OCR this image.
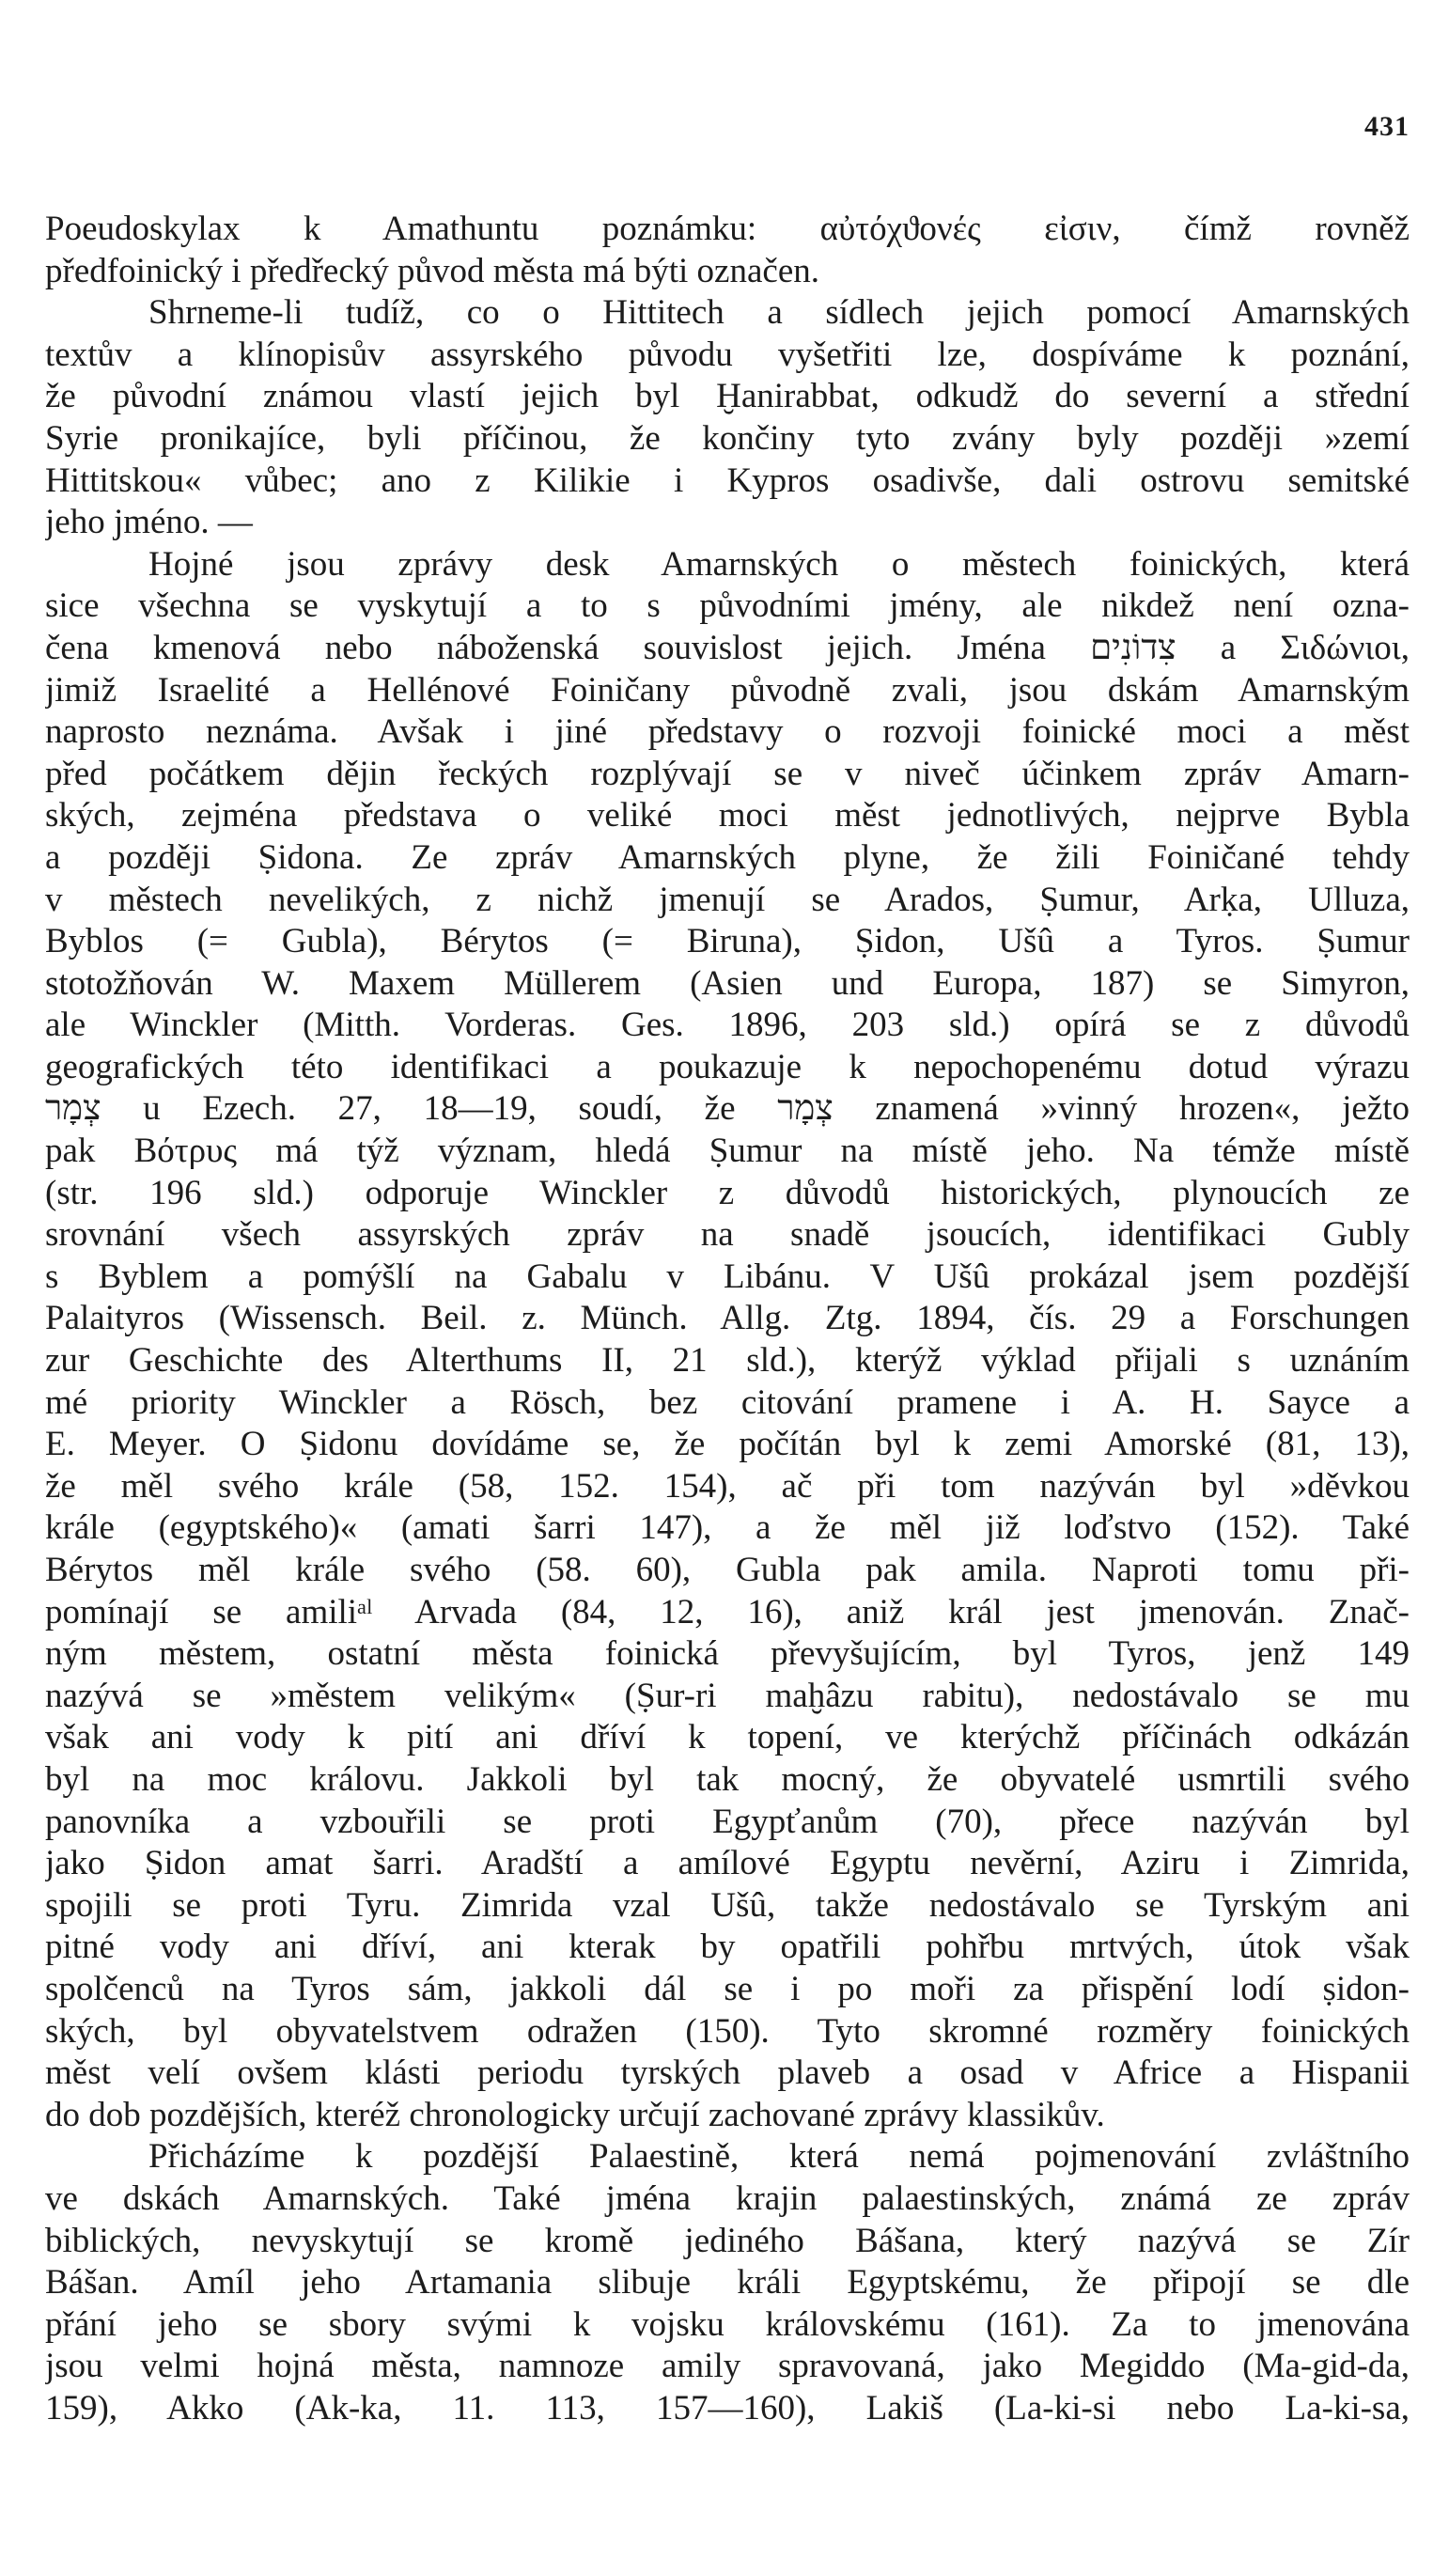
431
Poeudoskylax k Amathuntu poznámku: αὐτόχϑονές εἰσιν, čímž rovněž
předfoinický i předřecký původ města má býti označen.
Shrneme-li tudíž, co o Hittitech a sídlech jejich pomocí Amarnských
textův a klínopisův assyrského původu vyšetřiti lze, dospíváme k poznání,
že původní známou vlastí jejich byl Ḫanirabbat, odkudž do severní a střední
Syrie pronikajíce, byli příčinou, že končiny tyto zvány byly později »zemí
Hittitskou« vůbec; ano z Kilikie i Kypros osadivše, dali ostrovu semitské
jeho jméno. —
Hojné jsou zprávy desk Amarnských o městech foinických, která
sice všechna se vyskytují a to s původními jmény, ale nikdež není ozna-
čena kmenová nebo náboženská souvislost jejich. Jména צִדוֹנִים a Σιδώνιοι,
jimiž Israelité a Hellénové Foiničany původně zvali, jsou dskám Amarnským
naprosto neznáma. Avšak i jiné představy o rozvoji foinické moci a měst
před počátkem dějin řeckých rozplývají se v niveč účinkem zpráv Amarn-
ských, zejména představa o veliké moci měst jednotlivých, nejprve Bybla
a později Ṣidona. Ze zpráv Amarnských plyne, že žili Foiničané tehdy
v městech nevelikých, z nichž jmenují se Arados, Ṣumur, Arḳa, Ulluza,
Byblos (= Gubla), Bérytos (= Biruna), Ṣidon, Ušû a Tyros. Ṣumur
stotožňován W. Maxem Müllerem (Asien und Europa, 187) se Simyron,
ale Winckler (Mitth. Vorderas. Ges. 1896, 203 sld.) opírá se z důvodů
geografických této identifikaci a poukazuje k nepochopenému dotud výrazu
צְמָר u Ezech. 27, 18—19, soudí, že צְמָר znamená »vinný hrozen«, ježto
pak Βότρυς má týž význam, hledá Ṣumur na místě jeho. Na témže místě
(str. 196 sld.) odporuje Winckler z důvodů historických, plynoucích ze
srovnání všech assyrských zpráv na snadě jsoucích, identifikaci Gubly
s Byblem a pomýšlí na Gabalu v Libánu. V Ušû prokázal jsem pozdější
Palaityros (Wissensch. Beil. z. Münch. Allg. Ztg. 1894, čís. 29 a Forschungen
zur Geschichte des Alterthums II, 21 sld.), kterýž výklad přijali s uznáním
mé priority Winckler a Rösch, bez citování pramene i A. H. Sayce a
E. Meyer. O Ṣidonu dovídáme se, že počítán byl k zemi Amorské (81, 13),
že měl svého krále (58, 152. 154), ač při tom nazýván byl »děvkou
krále (egyptského)« (amati šarri 147), a že měl již loďstvo (152). Také
Bérytos měl krále svého (58. 60), Gubla pak amila. Naproti tomu při-
pomínají se amiliᵃˡ Arvada (84, 12, 16), aniž král jest jmenován. Znač-
ným městem, ostatní města foinická převyšujícím, byl Tyros, jenž 149
nazývá se »městem velikým« (Ṣur-ri maḫâzu rabitu), nedostávalo se mu
však ani vody k pití ani dříví k topení, ve kterýchž příčinách odkázán
byl na moc královu. Jakkoli byl tak mocný, že obyvatelé usmrtili svého
panovníka a vzbouřili se proti Egypťanům (70), přece nazýván byl
jako Ṣidon amat šarri. Aradští a amílové Egyptu nevěrní, Aziru i Zimrida,
spojili se proti Tyru. Zimrida vzal Ušû, takže nedostávalo se Tyrským ani
pitné vody ani dříví, ani kterak by opatřili pohřbu mrtvých, útok však
spolčenců na Tyros sám, jakkoli dál se i po moři za přispění lodí ṣidon-
ských, byl obyvatelstvem odražen (150). Tyto skromné rozměry foinických
měst velí ovšem klásti periodu tyrských plaveb a osad v Africe a Hispanii
do dob pozdějších, kteréž chronologicky určují zachované zprávy klassikův.
Přicházíme k pozdější Palaestině, která nemá pojmenování zvláštního
ve dskách Amarnských. Také jména krajin palaestinských, známá ze zpráv
biblických, nevyskytují se kromě jediného Bášana, který nazývá se Zír
Bášan. Amíl jeho Artamania slibuje králi Egyptskému, že připojí se dle
přání jeho se sbory svými k vojsku královskému (161). Za to jmenována
jsou velmi hojná města, namnoze amily spravovaná, jako Megiddo (Ma-gid-da,
159), Akko (Ak-ka, 11. 113, 157—160), Lakiš (La-ki-si nebo La-ki-sa,
